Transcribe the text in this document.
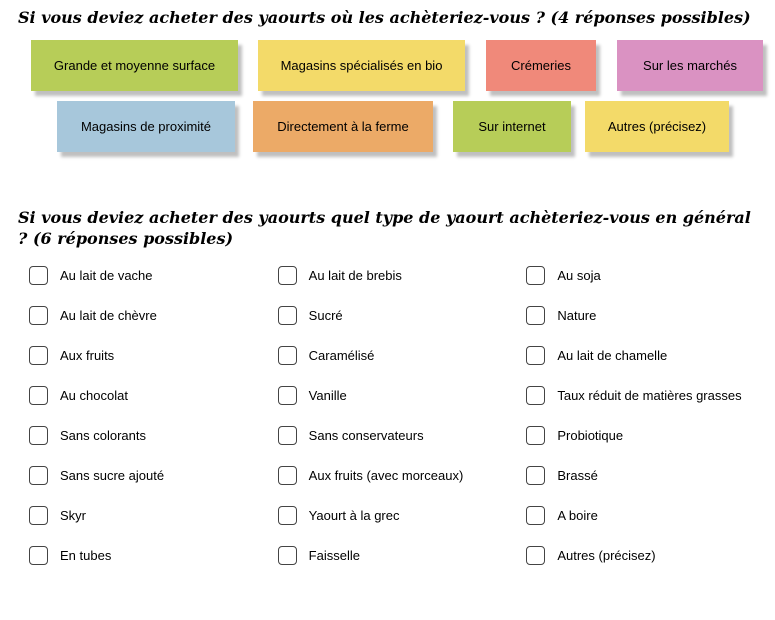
Si vous deviez acheter des yaourts où les achèteriez-vous ? (4 réponses possibles)
Grande et moyenne surface	Magasins spécialisés en bio	Crémeries	Sur les marchés
Magasins de proximité	Directement à la ferme	Sur internet	Autres (précisez)
Si vous deviez acheter des yaourts quel type de yaourt achèteriez-vous en général ? (6 réponses possibles)
Au lait de vache
Au lait de chèvre
Aux fruits
Au chocolat
Sans colorants
Sans sucre ajouté
Skyr
En tubes
Au lait de brebis
Sucré
Caramélisé
Vanille
Sans conservateurs
Aux fruits (avec morceaux)
Yaourt à la grec
Faisselle
Au soja
Nature
Au lait de chamelle
Taux réduit de matières grasses
Probiotique
Brassé
A boire
Autres (précisez)
